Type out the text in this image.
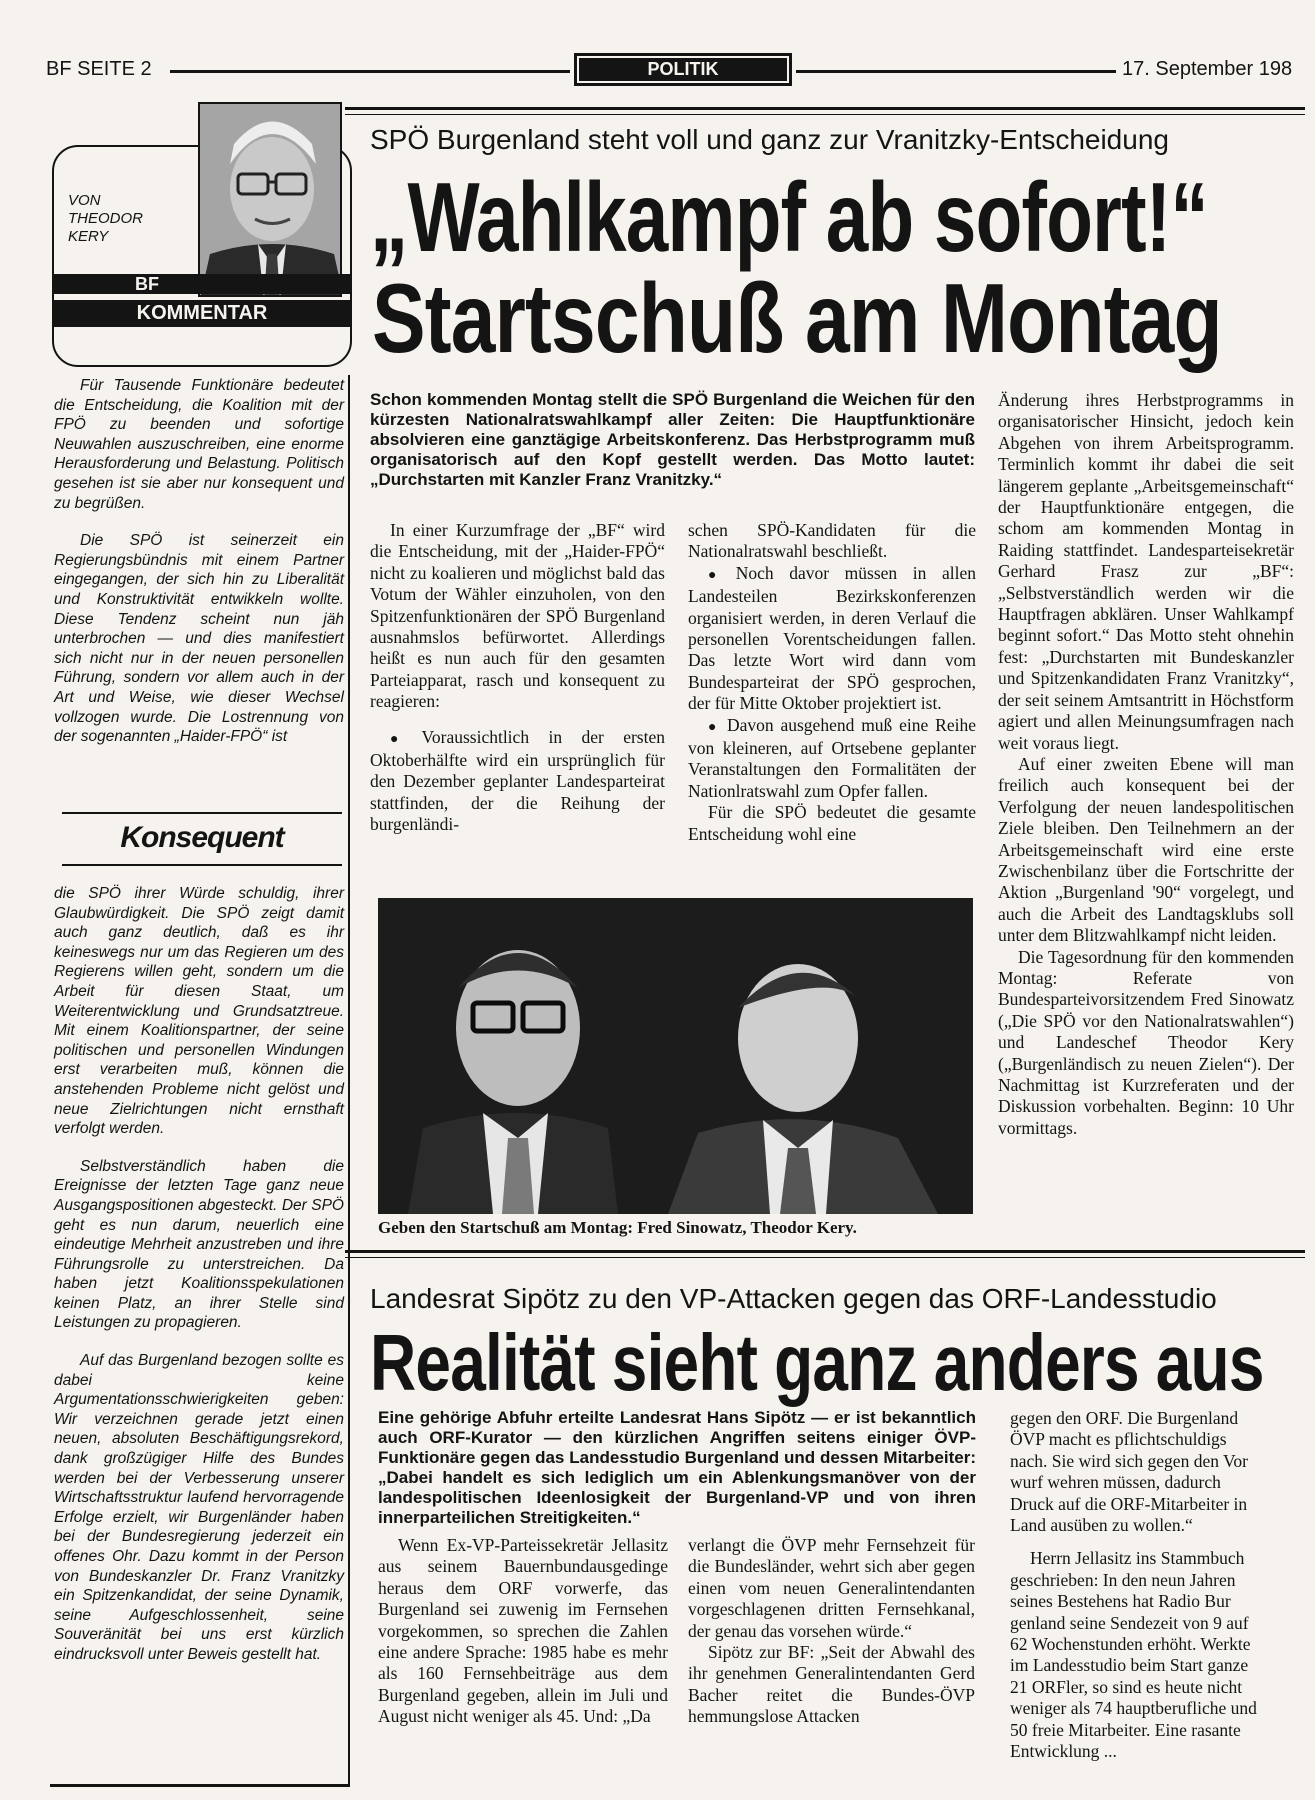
BF SEITE 2	POLITIK	17. September 198
VON
THEODOR
KERY
BF
KOMMENTAR

Für Tausende Funktionäre bedeutet die Entscheidung, die Koalition mit der FPÖ zu beenden und sofortige Neuwahlen auszuschreiben, eine enorme Herausforderung und Belastung. Politisch gesehen ist sie aber nur konsequent und zu begrüßen.

Die SPÖ ist seinerzeit ein Regierungsbündnis mit einem Partner eingegangen, der sich hin zu Liberalität und Konstruktivität entwikkeln wollte. Diese Tendenz scheint nun jäh unterbrochen — und dies manifestiert sich nicht nur in der neuen personellen Führung, sondern vor allem auch in der Art und Weise, wie dieser Wechsel vollzogen wurde. Die Lostrennung von der sogenannten „Haider-FPÖ“ ist

Konsequent

die SPÖ ihrer Würde schuldig, ihrer Glaubwürdigkeit. Die SPÖ zeigt damit auch ganz deutlich, daß es ihr keineswegs nur um das Regieren um des Regierens willen geht, sondern um die Arbeit für diesen Staat, um Weiterentwicklung und Grundsatztreue. Mit einem Koalitionspartner, der seine politischen und personellen Windungen erst verarbeiten muß, können die anstehenden Probleme nicht gelöst und neue Zielrichtungen nicht ernsthaft verfolgt werden.

Selbstverständlich haben die Ereignisse der letzten Tage ganz neue Ausgangspositionen abgesteckt. Der SPÖ geht es nun darum, neuerlich eine eindeutige Mehrheit anzustreben und ihre Führungsrolle zu unterstreichen. Da haben jetzt Koalitionsspekulationen keinen Platz, an ihrer Stelle sind Leistungen zu propagieren.

Auf das Burgenland bezogen sollte es dabei keine Argumentationsschwierigkeiten geben: Wir verzeichnen gerade jetzt einen neuen, absoluten Beschäftigungsrekord, dank großzügiger Hilfe des Bundes werden bei der Verbesserung unserer Wirtschaftsstruktur laufend hervorragende Erfolge erzielt, wir Burgenländer haben bei der Bundesregierung jederzeit ein offenes Ohr. Dazu kommt in der Person von Bundeskanzler Dr. Franz Vranitzky ein Spitzenkandidat, der seine Dynamik, seine Aufgeschlossenheit, seine Souveränität bei uns erst kürzlich eindrucksvoll unter Beweis gestellt hat.

SPÖ Burgenland steht voll und ganz zur Vranitzky-Entscheidung
„Wahlkampf ab sofort!“
Startschuß am Montag
Schon kommenden Montag stellt die SPÖ Burgenland die Weichen für den kürzesten Nationalratswahlkampf aller Zeiten: Die Hauptfunktionäre absolvieren eine ganztägige Arbeitskonferenz. Das Herbstprogramm muß organisatorisch auf den Kopf gestellt werden. Das Motto lautet: „Durchstarten mit Kanzler Franz Vranitzky.“

In einer Kurzumfrage der „BF“ wird die Entscheidung, mit der „Haider-FPÖ“ nicht zu koalieren und möglichst bald das Votum der Wähler einzuholen, von den Spitzenfunktionären der SPÖ Burgenland ausnahmslos befürwortet. Allerdings heißt es nun auch für den gesamten Parteiapparat, rasch und konsequent zu reagieren:

● Voraussichtlich in der ersten Oktoberhälfte wird ein ursprünglich für den Dezember geplanter Landesparteirat stattfinden, der die Reihung der burgenländi-

schen SPÖ-Kandidaten für die Nationalratswahl beschließt.

● Noch davor müssen in allen Landesteilen Bezirkskonferenzen organisiert werden, in deren Verlauf die personellen Vorentscheidungen fallen. Das letzte Wort wird dann vom Bundesparteirat der SPÖ gesprochen, der für Mitte Oktober projektiert ist.

● Davon ausgehend muß eine Reihe von kleineren, auf Ortsebene geplanter Veranstaltungen den Formalitäten der Nationlratswahl zum Opfer fallen.

Für die SPÖ bedeutet die gesamte Entscheidung wohl eine

Änderung ihres Herbstprogramms in organisatorischer Hinsicht, jedoch kein Abgehen von ihrem Arbeitsprogramm. Terminlich kommt ihr dabei die seit längerem geplante „Arbeitsgemeinschaft“ der Hauptfunktionäre entgegen, die schom am kommenden Montag in Raiding stattfindet. Landesparteisekretär Gerhard Frasz zur „BF“: „Selbstverständlich werden wir die Hauptfragen abklären. Unser Wahlkampf beginnt sofort.“ Das Motto steht ohnehin fest: „Durchstarten mit Bundeskanzler und Spitzenkandidaten Franz Vranitzky“, der seit seinem Amtsantritt in Höchstform agiert und allen Meinungsumfragen nach weit voraus liegt.

Auf einer zweiten Ebene will man freilich auch konsequent bei der Verfolgung der neuen landespolitischen Ziele bleiben. Den Teilnehmern an der Arbeitsgemeinschaft wird eine erste Zwischenbilanz über die Fortschritte der Aktion „Burgenland '90“ vorgelegt, und auch die Arbeit des Landtagsklubs soll unter dem Blitzwahlkampf nicht leiden.

Die Tagesordnung für den kommenden Montag: Referate von Bundesparteivorsitzendem Fred Sinowatz („Die SPÖ vor den Nationalratswahlen“) und Landeschef Theodor Kery („Burgenländisch zu neuen Zielen“). Der Nachmittag ist Kurzreferaten und der Diskussion vorbehalten. Beginn: 10 Uhr vormittags.

Geben den Startschuß am Montag: Fred Sinowatz, Theodor Kery.
Landesrat Sipötz zu den VP-Attacken gegen das ORF-Landesstudio
Realität sieht ganz anders aus
Eine gehörige Abfuhr erteilte Landesrat Hans Sipötz — er ist bekanntlich auch ORF-Kurator — den kürzlichen Angriffen seitens einiger ÖVP-Funktionäre gegen das Landesstudio Burgenland und dessen Mitarbeiter: „Dabei handelt es sich lediglich um ein Ablenkungsmanöver von der landespolitischen Ideenlosigkeit der Burgenland-VP und von ihren innerparteilichen Streitigkeiten.“

Wenn Ex-VP-Parteissekretär Jellasitz aus seinem Bauernbundausgedinge heraus dem ORF vorwerfe, das Burgenland sei zuwenig im Fernsehen vorgekommen, so sprechen die Zahlen eine andere Sprache: 1985 habe es mehr als 160 Fernsehbeiträge aus dem Burgenland gegeben, allein im Juli und August nicht weniger als 45. Und: „Da

verlangt die ÖVP mehr Fernsehzeit für die Bundesländer, wehrt sich aber gegen einen vom neuen Generalintendanten vorgeschlagenen dritten Fernsehkanal, der genau das vorsehen würde.“

Sipötz zur BF: „Seit der Abwahl des ihr genehmen Generalintendanten Gerd Bacher reitet die Bundes-ÖVP hemmungslose Attacken

gegen den ORF. Die Burgenland
ÖVP macht es pflichtschuldigs
nach. Sie wird sich gegen den Vor
wurf wehren müssen, dadurch
Druck auf die ORF-Mitarbeiter in
Land ausüben zu wollen.“
Herrn Jellasitz ins Stammbuch
geschrieben: In den neun Jahren
seines Bestehens hat Radio Bur
genland seine Sendezeit von 9 auf
62 Wochenstunden erhöht. Werkte
im Landesstudio beim Start ganze
21 ORFler, so sind es heute nicht
weniger als 74 hauptberufliche und
50 freie Mitarbeiter. Eine rasante
Entwicklung ...
